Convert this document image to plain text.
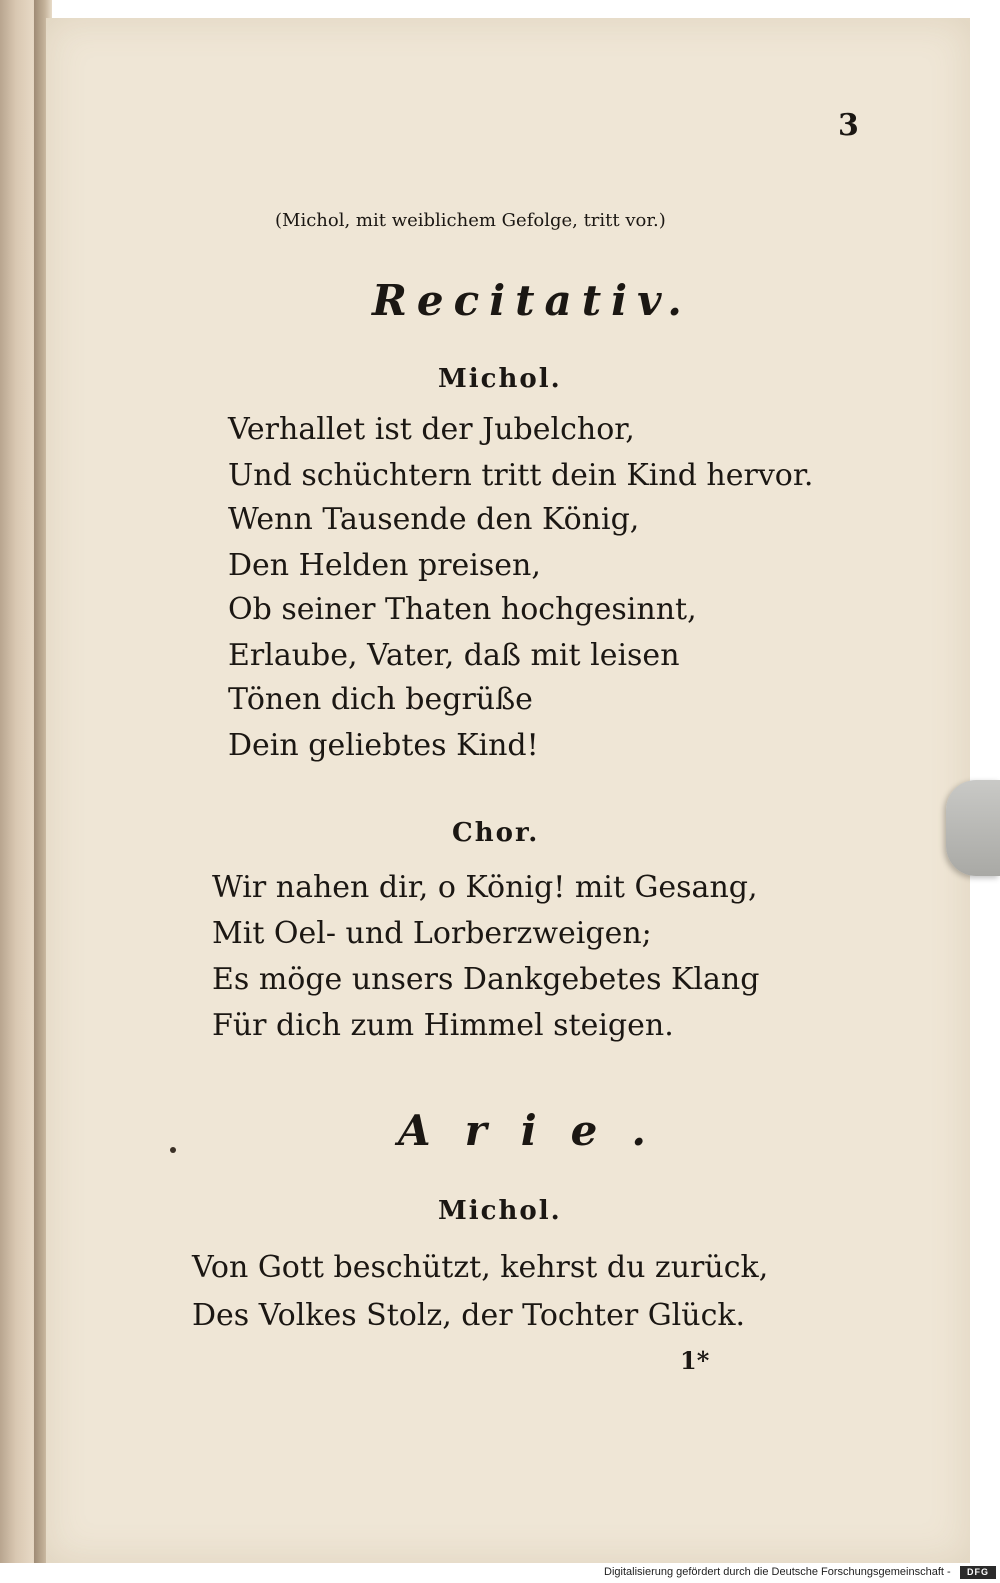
3
(Michol, mit weiblichem Gefolge, tritt vor.)
Recitativ.
Michol.
Verhallet ist der Jubelchor,
Und schüchtern tritt dein Kind hervor.
Wenn Tausende den König,
Den Helden preisen,
Ob seiner Thaten hochgesinnt,
Erlaube, Vater, daß mit leisen
Tönen dich begrüße
Dein geliebtes Kind!
Chor.
Wir nahen dir, o König! mit Gesang,
Mit Oel- und Lorberzweigen;
Es möge unsers Dankgebetes Klang
Für dich zum Himmel steigen.
Arie.
Michol.
Von Gott beschützt, kehrst du zurück,
Des Volkes Stolz, der Tochter Glück.
1*
Digitalisierung gefördert durch die Deutsche Forschungsgemeinschaft -	DFG
